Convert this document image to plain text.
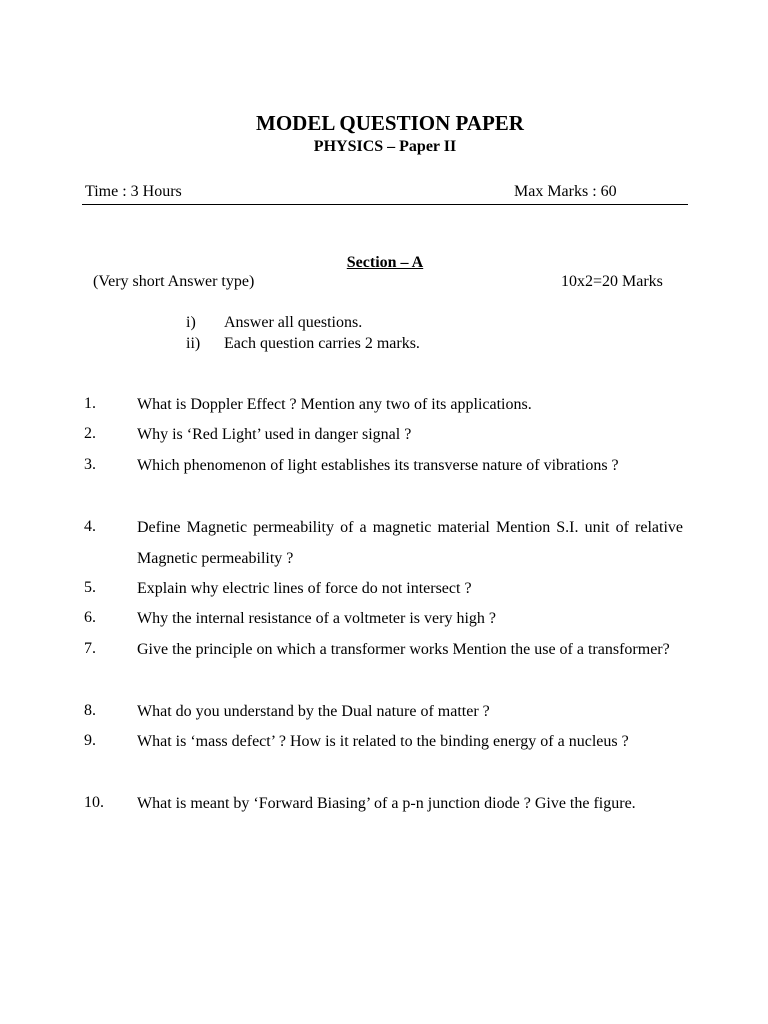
MODEL QUESTION PAPER
PHYSICS – Paper II
Time : 3 Hours	Max Marks : 60
Section – A
(Very short Answer type)	10x2=20 Marks
i) Answer all questions.
ii) Each question carries 2 marks.
1.	What is Doppler Effect ? Mention any two of its applications.

2.	Why is ‘Red Light’ used in danger signal ?

3.	Which phenomenon of light establishes its transverse nature of vibrations ?

4.	Define Magnetic permeability of a magnetic material Mention S.I. unit of relative Magnetic permeability ?

5.	Explain why electric lines of force do not intersect ?

6.	Why the internal resistance of a voltmeter is very high ?

7.	Give the principle on which a transformer works Mention the use of a transformer?

8.	What do you understand by the Dual nature of matter ?

9.	What is ‘mass defect’ ? How is it related to the binding energy of a nucleus ?

10. What is meant by ‘Forward Biasing’ of a p-n junction diode ? Give the figure.
